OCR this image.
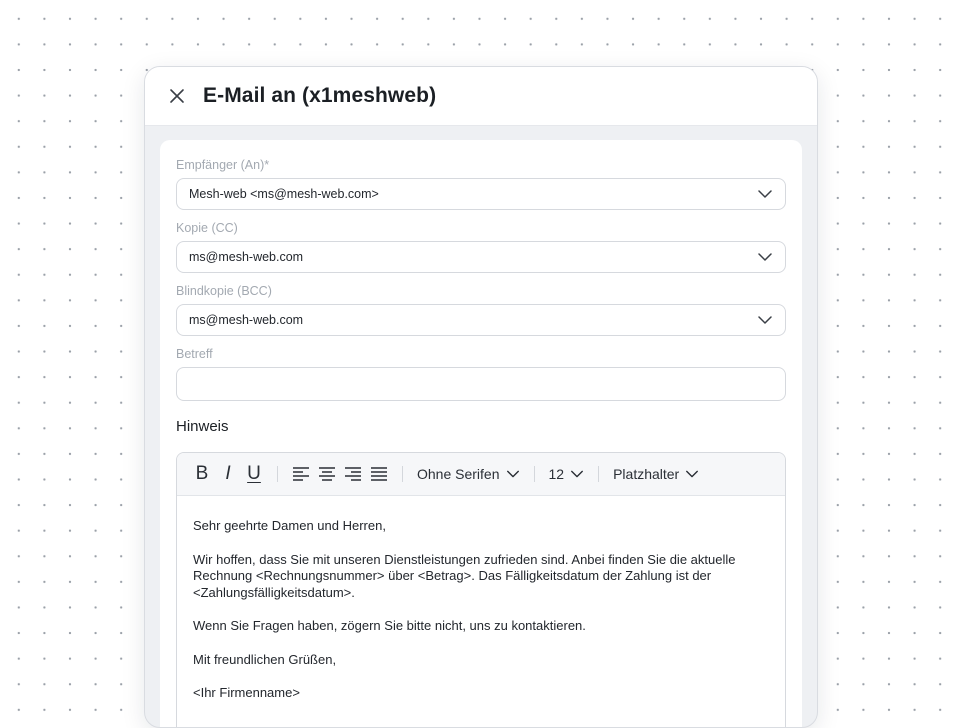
E-Mail an (x1meshweb)
Empfänger (An)*
Mesh-web <ms@mesh-web.com>
Kopie (CC)
ms@mesh-web.com
Blindkopie (BCC)
ms@mesh-web.com
Betreff
Hinweis
B I U	Ohne Serifen	12	Platzhalter

Sehr geehrte Damen und Herren,

Wir hoffen, dass Sie mit unseren Dienstleistungen zufrieden sind. Anbei finden Sie die aktuelle Rechnung <Rechnungsnummer> über <Betrag>. Das Fälligkeitsdatum der Zahlung ist der <Zahlungsfälligkeitsdatum>.

Wenn Sie Fragen haben, zögern Sie bitte nicht, uns zu kontaktieren.

Mit freundlichen Grüßen,

<Ihr Firmenname>
